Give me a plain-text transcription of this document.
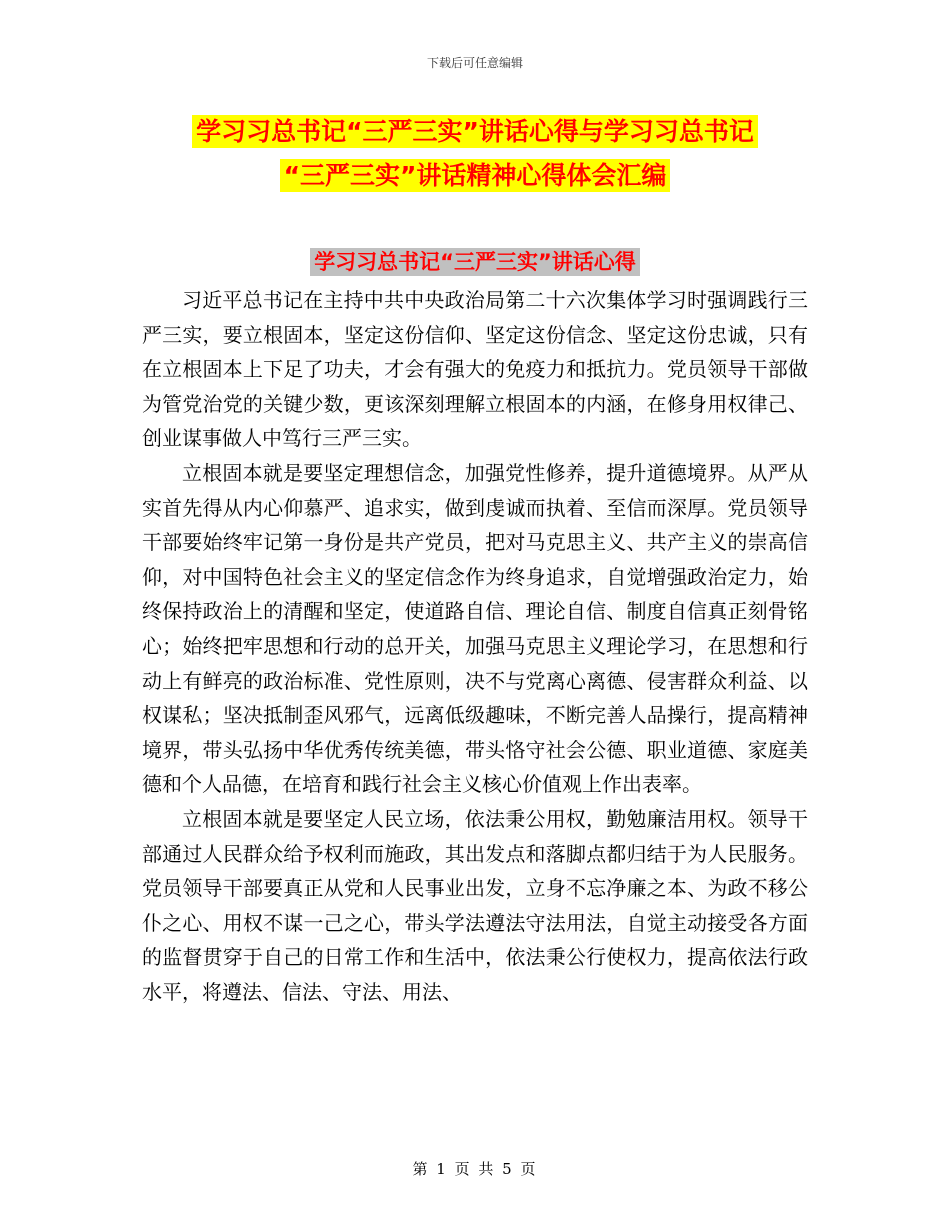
下载后可任意编辑
学习习总书记“三严三实”讲话心得与学习习总书记
“三严三实”讲话精神心得体会汇编
学习习总书记“三严三实”讲话心得

习近平总书记在主持中共中央政治局第二十六次集体学习时强调践行三严三实，要立根固本，坚定这份信仰、坚定这份信念、坚定这份忠诚，只有在立根固本上下足了功夫，才会有强大的免疫力和抵抗力。党员领导干部做为管党治党的关键少数，更该深刻理解立根固本的内涵，在修身用权律己、创业谋事做人中笃行三严三实。

立根固本就是要坚定理想信念，加强党性修养，提升道德境界。从严从实首先得从内心仰慕严、追求实，做到虔诚而执着、至信而深厚。党员领导干部要始终牢记第一身份是共产党员，把对马克思主义、共产主义的崇高信仰，对中国特色社会主义的坚定信念作为终身追求，自觉增强政治定力，始终保持政治上的清醒和坚定，使道路自信、理论自信、制度自信真正刻骨铭心；始终把牢思想和行动的总开关，加强马克思主义理论学习，在思想和行动上有鲜亮的政治标准、党性原则，决不与党离心离德、侵害群众利益、以权谋私；坚决抵制歪风邪气，远离低级趣味，不断完善人品操行，提高精神境界，带头弘扬中华优秀传统美德，带头恪守社会公德、职业道德、家庭美德和个人品德，在培育和践行社会主义核心价值观上作出表率。

立根固本就是要坚定人民立场，依法秉公用权，勤勉廉洁用权。领导干部通过人民群众给予权利而施政，其出发点和落脚点都归结于为人民服务。党员领导干部要真正从党和人民事业出发，立身不忘净廉之本、为政不移公仆之心、用权不谋一己之心，带头学法遵法守法用法，自觉主动接受各方面的监督贯穿于自己的日常工作和生活中，依法秉公行使权力，提高依法行政水平，将遵法、信法、守法、用法、

第 1 页 共 5 页
